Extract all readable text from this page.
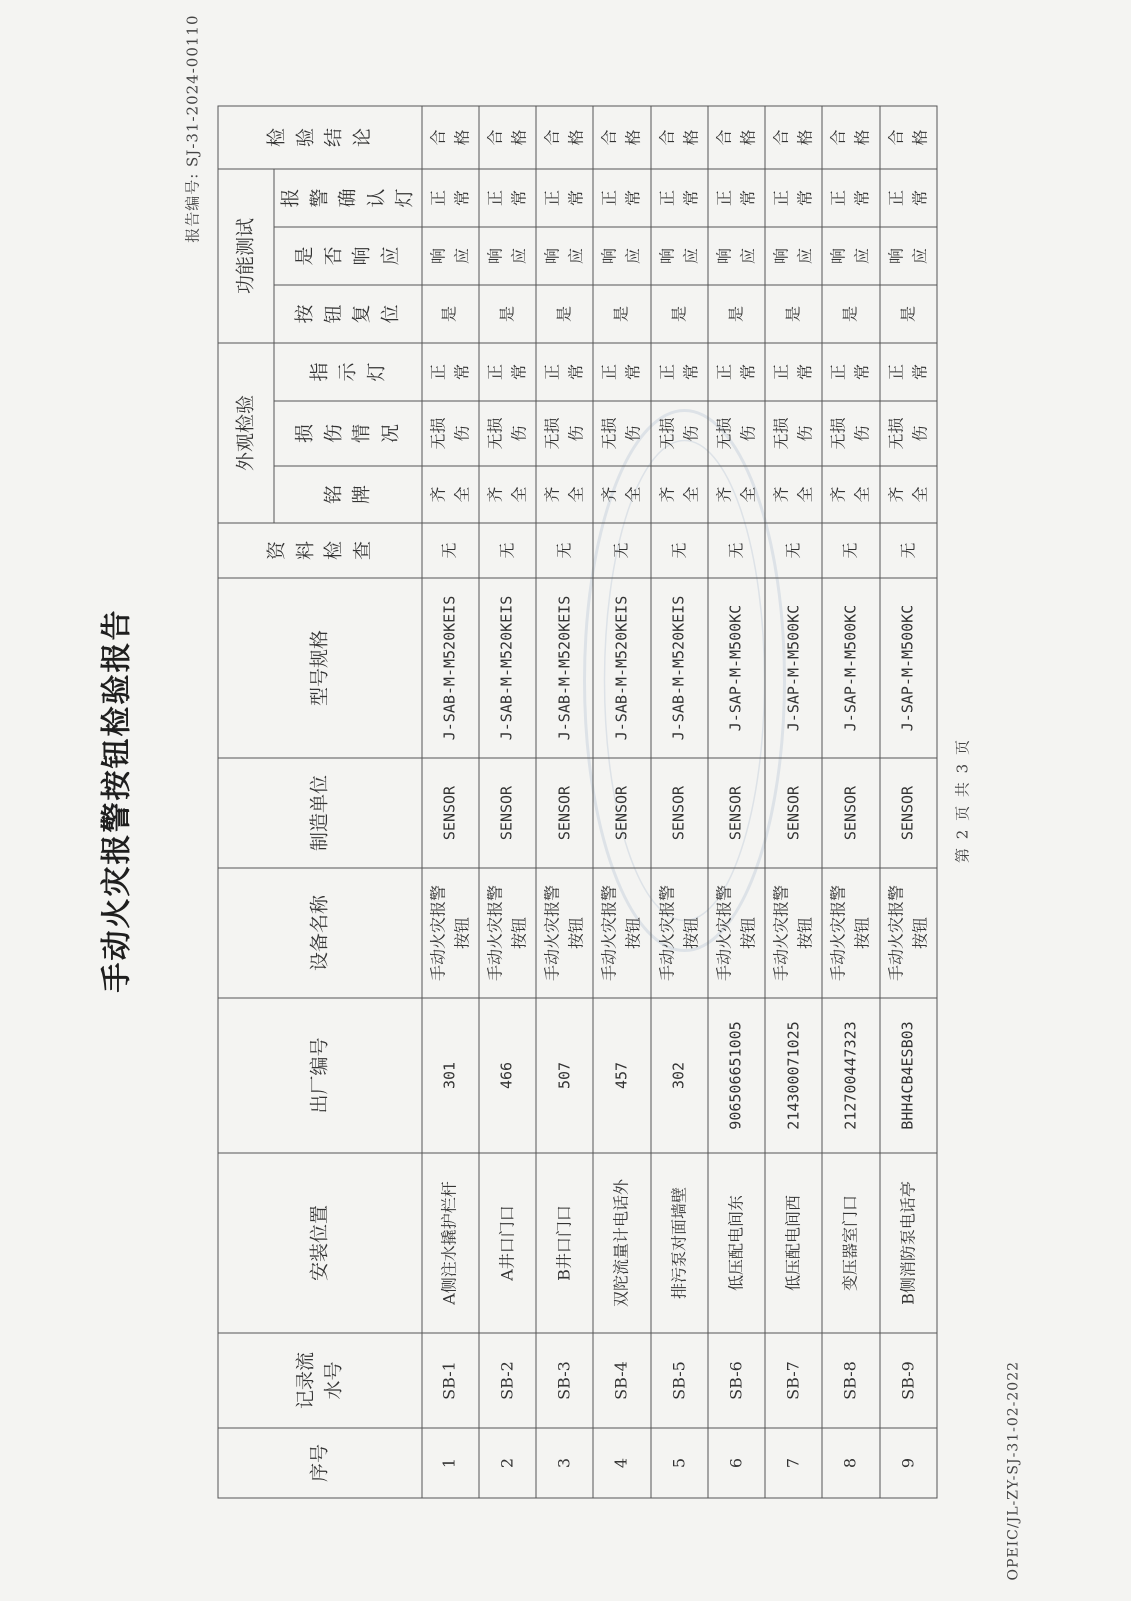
OPEIC/JL-ZY-SJ-31-02-2022
手动火灾报警按钮检验报告
报告编号: SJ-31-2024-00110
序号	记录流水号	安装位置	出厂编号	设备名称	制造单位	型号规格	资料检查	外观检验			功能测试			检验结论
								铭牌	损伤情况	指示灯	按钮复位	是否响应	报警确认灯	
1	SB-1	A侧注水撬护栏杆	301	手动火灾报警按钮	SENSOR	J-SAB-M-M520KEIS	无	齐全	无损伤	正常	是	响应	正常	合格
2	SB-2	A井口门口	466	手动火灾报警按钮	SENSOR	J-SAB-M-M520KEIS	无	齐全	无损伤	正常	是	响应	正常	合格
3	SB-3	B井口门口	507	手动火灾报警按钮	SENSOR	J-SAB-M-M520KEIS	无	齐全	无损伤	正常	是	响应	正常	合格
4	SB-4	双陀流量计电话外	457	手动火灾报警按钮	SENSOR	J-SAB-M-M520KEIS	无	齐全	无损伤	正常	是	响应	正常	合格
5	SB-5	排污泵对面墙壁	302	手动火灾报警按钮	SENSOR	J-SAB-M-M520KEIS	无	齐全	无损伤	正常	是	响应	正常	合格
6	SB-6	低压配电间东	906506651005	手动火灾报警按钮	SENSOR	J-SAP-M-M500KC	无	齐全	无损伤	正常	是	响应	正常	合格
7	SB-7	低压配电间西	214300071025	手动火灾报警按钮	SENSOR	J-SAP-M-M500KC	无	齐全	无损伤	正常	是	响应	正常	合格
8	SB-8	变压器室门口	212700447323	手动火灾报警按钮	SENSOR	J-SAP-M-M500KC	无	齐全	无损伤	正常	是	响应	正常	合格
9	SB-9	B侧消防泵电话亭	BHH4CB4ESB03	手动火灾报警按钮	SENSOR	J-SAP-M-M500KC	无	齐全	无损伤	正常	是	响应	正常	合格
第 2 页 共 3 页
